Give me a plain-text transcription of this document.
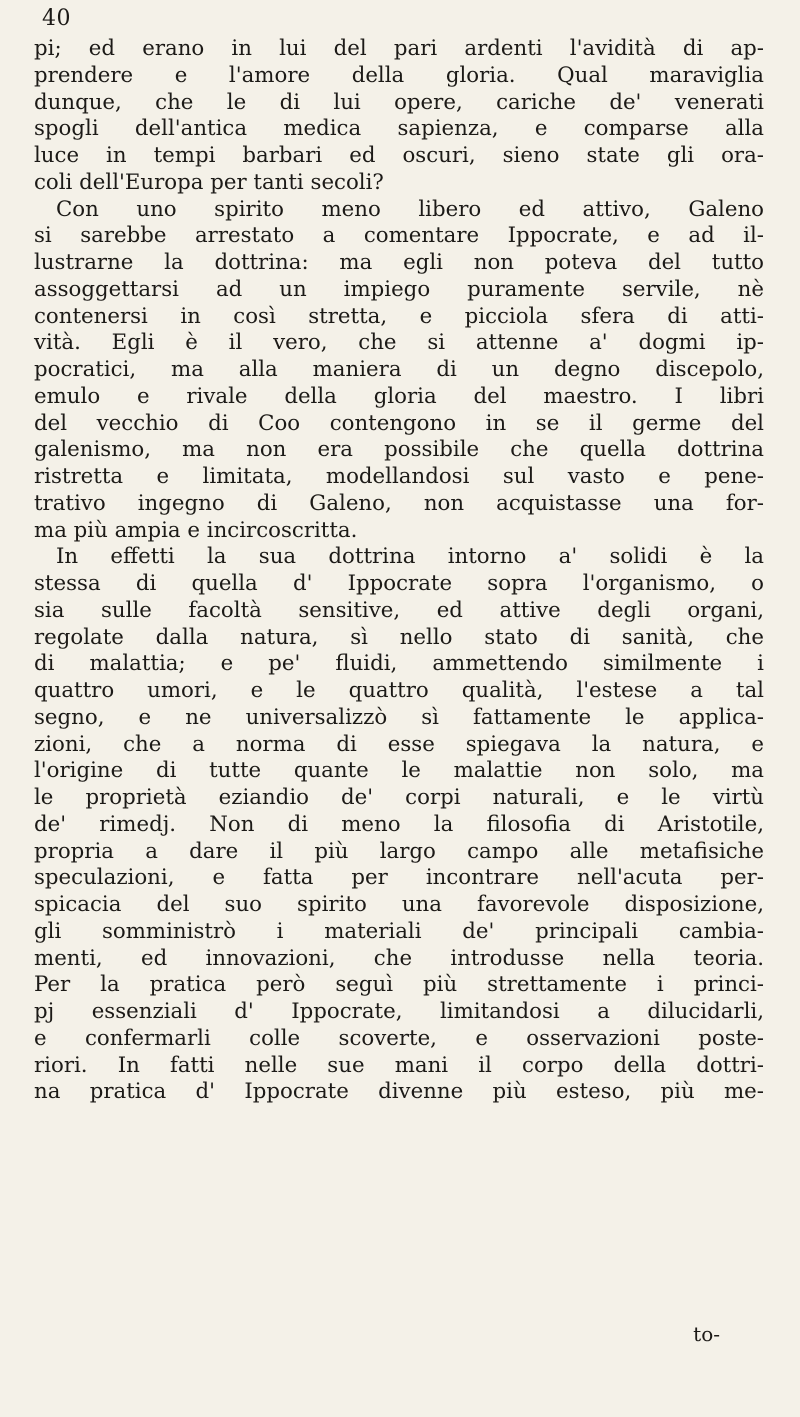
40
pi; ed erano in lui del pari ardenti l'avidità di ap-
prendere e l'amore della gloria. Qual maraviglia
dunque, che le di lui opere, cariche de' venerati
spogli dell'antica medica sapienza, e comparse alla
luce in tempi barbari ed oscuri, sieno state gli ora-
coli dell'Europa per tanti secoli?
Con uno spirito meno libero ed attivo, Galeno
si sarebbe arrestato a comentare Ippocrate, e ad il-
lustrarne la dottrina: ma egli non poteva del tutto
assoggettarsi ad un impiego puramente servile, nè
contenersi in così stretta, e picciola sfera di atti-
vità. Egli è il vero, che si attenne a' dogmi ip-
pocratici, ma alla maniera di un degno discepolo,
emulo e rivale della gloria del maestro. I libri
del vecchio di Coo contengono in se il germe del
galenismo, ma non era possibile che quella dottrina
ristretta e limitata, modellandosi sul vasto e pene-
trativo ingegno di Galeno, non acquistasse una for-
ma più ampia e incircoscritta.
In effetti la sua dottrina intorno a' solidi è la
stessa di quella d' Ippocrate sopra l'organismo, o
sia sulle facoltà sensitive, ed attive degli organi,
regolate dalla natura, sì nello stato di sanità, che
di malattia; e pe' fluidi, ammettendo similmente i
quattro umori, e le quattro qualità, l'estese a tal
segno, e ne universalizzò sì fattamente le applica-
zioni, che a norma di esse spiegava la natura, e
l'origine di tutte quante le malattie non solo, ma
le proprietà eziandio de' corpi naturali, e le virtù
de' rimedj. Non di meno la filosofia di Aristotile,
propria a dare il più largo campo alle metafisiche
speculazioni, e fatta per incontrare nell'acuta per-
spicacia del suo spirito una favorevole disposizione,
gli somministrò i materiali de' principali cambia-
menti, ed innovazioni, che introdusse nella teoria.
Per la pratica però seguì più strettamente i princi-
pj essenziali d' Ippocrate, limitandosi a dilucidarli,
e confermarli colle scoverte, e osservazioni poste-
riori. In fatti nelle sue mani il corpo della dottri-
na pratica d' Ippocrate divenne più esteso, più me-
to-
